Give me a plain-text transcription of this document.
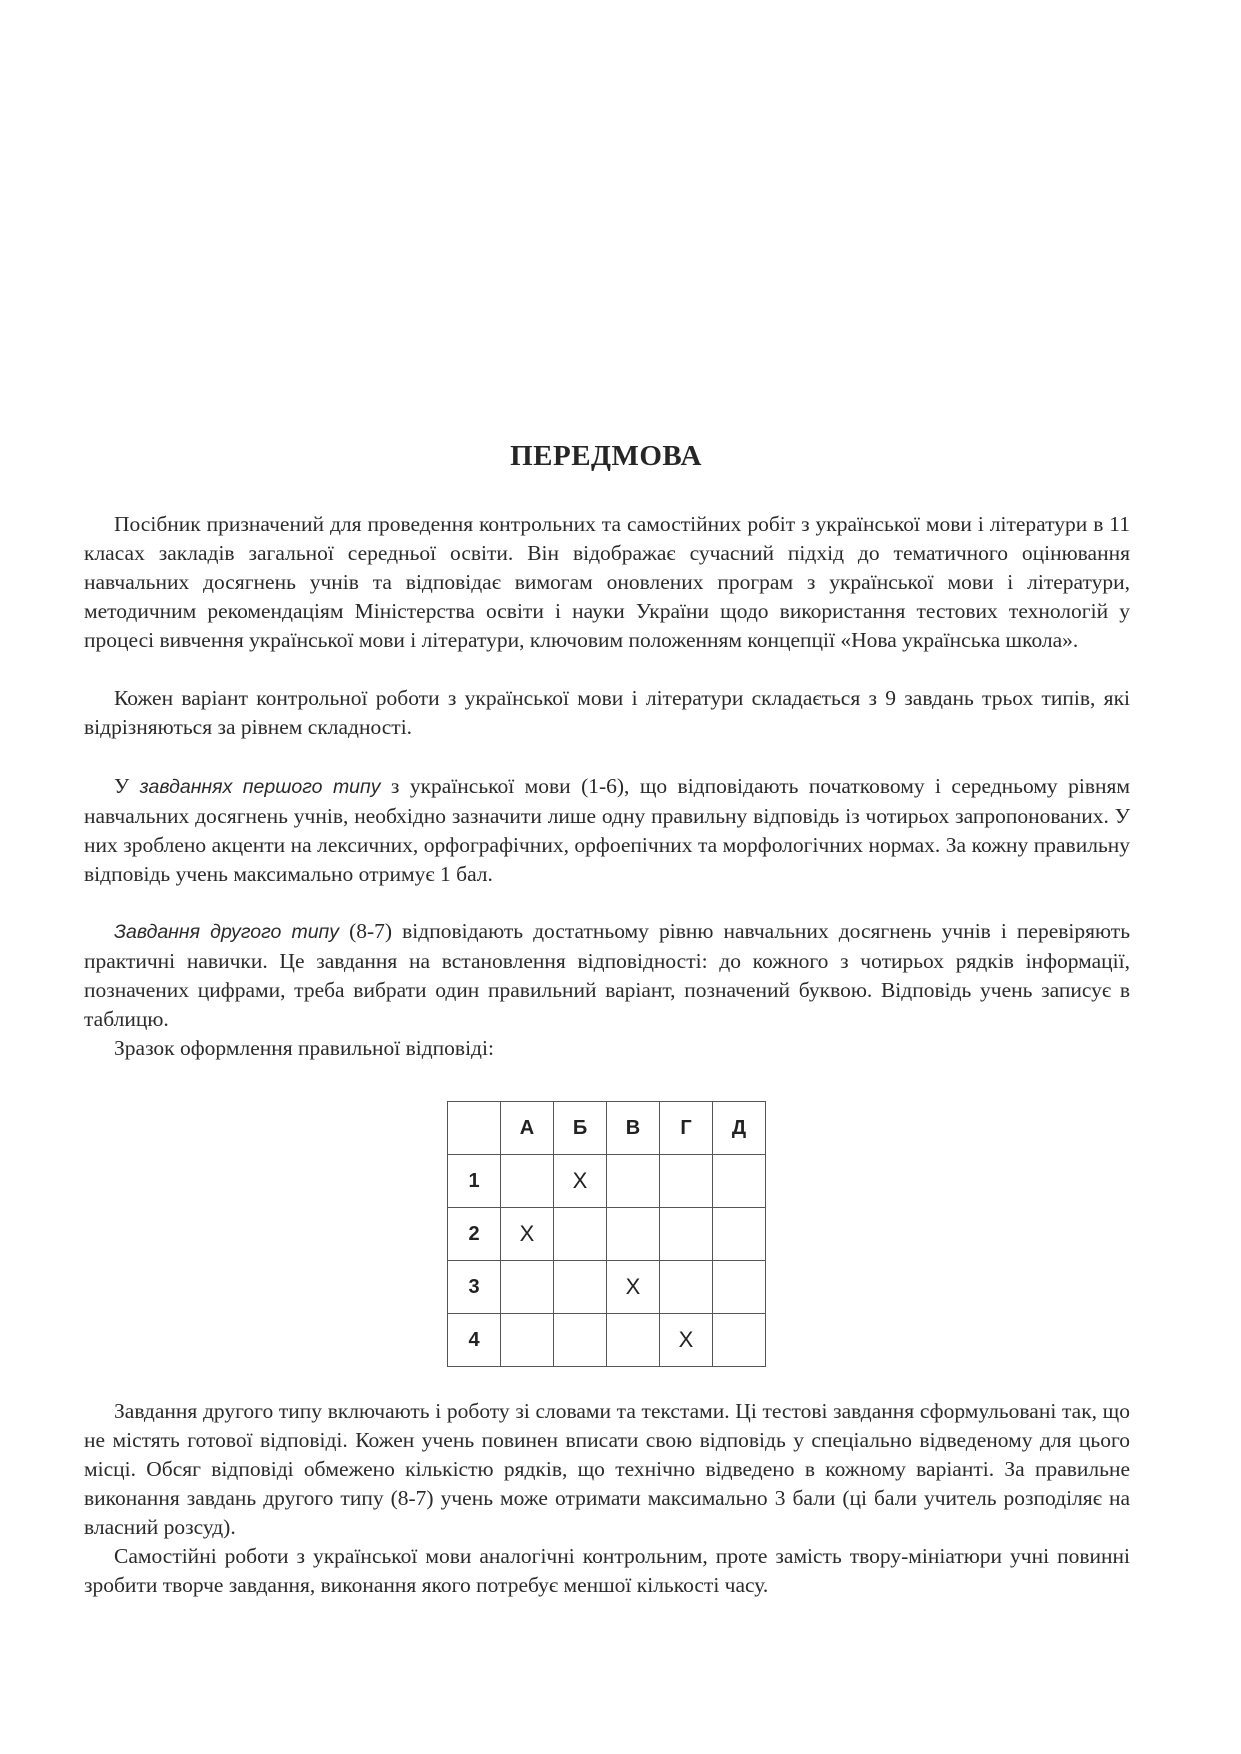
ПЕРЕДМОВА

Посібник призначений для проведення контрольних та самостійних робіт з української мови і літератури в 11 класах закладів загальної середньої освіти. Він відображає сучасний підхід до тематичного оцінювання навчальних досягнень учнів та відповідає вимогам оновлених програм з української мови і літератури, методичним рекомендаціям Міністерства освіти і науки України щодо використання тестових технологій у процесі вивчення української мови і літератури, ключовим положенням концепції «Нова українська школа».

Кожен варіант контрольної роботи з української мови і літератури складається з 9 завдань трьох типів, які відрізняються за рівнем складності.

У завданнях першого типу з української мови (1-6), що відповідають початковому і середньому рівням навчальних досягнень учнів, необхідно зазначити лише одну правильну відповідь із чотирьох запропонованих. У них зроблено акценти на лексичних, орфографічних, орфоепічних та морфологічних нормах. За кожну правильну відповідь учень максимально отримує 1 бал.

Завдання другого типу (8-7) відповідають достатньому рівню навчальних досягнень учнів і перевіряють практичні навички. Це завдання на встановлення відповідності: до кожного з чотирьох рядків інформації, позначених цифрами, треба вибрати один правильний варіант, позначений буквою. Відповідь учень записує в таблицю.

Зразок оформлення правильної відповіді:

	А	Б	В	Г	Д
1		X			
2	X				
3			X		
4				X	

Завдання другого типу включають і роботу зі словами та текстами. Ці тестові завдання сформульовані так, що не містять готової відповіді. Кожен учень повинен вписати свою відповідь у спеціально відведеному для цього місці. Обсяг відповіді обмежено кількістю рядків, що технічно відведено в кожному варіанті. За правильне виконання завдань другого типу (8-7) учень може отримати максимально 3 бали (ці бали учитель розподіляє на власний розсуд).

Самостійні роботи з української мови аналогічні контрольним, проте замість твору-мініатюри учні повинні зробити творче завдання, виконання якого потребує меншої кількості часу.
